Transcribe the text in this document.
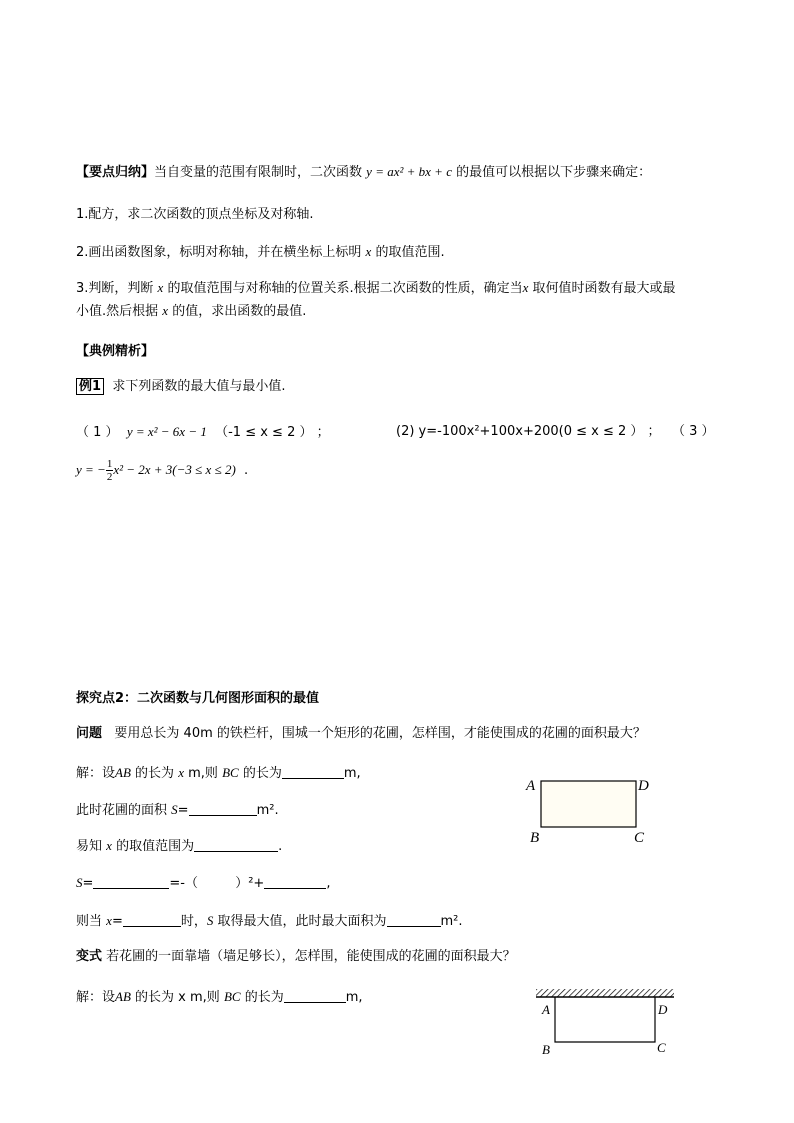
【要点归纳】当自变量的范围有限制时，二次函数 y = ax² + bx + c 的最值可以根据以下步骤来确定：
1.配方，求二次函数的顶点坐标及对称轴.
2.画出函数图象，标明对称轴，并在横坐标上标明 x 的取值范围.
3.判断，判断 x 的取值范围与对称轴的位置关系.根据二次函数的性质，确定当x 取何值时函数有最大或最
小值.然后根据 x 的值，求出函数的最值.
【典例精析】
例1 求下列函数的最大值与最小值.
（ 1 ） y = x² − 6x − 1 （-1 ≤ x ≤ 2 ） ；	(2) y=-100x²+100x+200(0 ≤ x ≤ 2 ） ； （ 3 ）
y = − $\frac{1}{2} x^2 - 2x + 3(-3 \le x \le 2)$ .
探究点2：二次函数与几何图形面积的最值
问题 要用总长为 40m 的铁栏杆，围城一个矩形的花圃，怎样围，才能使围成的花圃的面积最大？
解：设AB 的长为 x m,则 BC 的长为	m,
此时花圃的面积 S=	m².
易知 x 的取值范围为	.
S=	=-（	）²+	,
则当 x=	时，S 取得最大值，此时最大面积为	m².
变式 若花圃的一面靠墙（墙足够长），怎样围，能使围成的花圃的面积最大？
解：设AB 的长为 x m,则 BC 的长为	m,
A	D
B	C
A	D
B	C
